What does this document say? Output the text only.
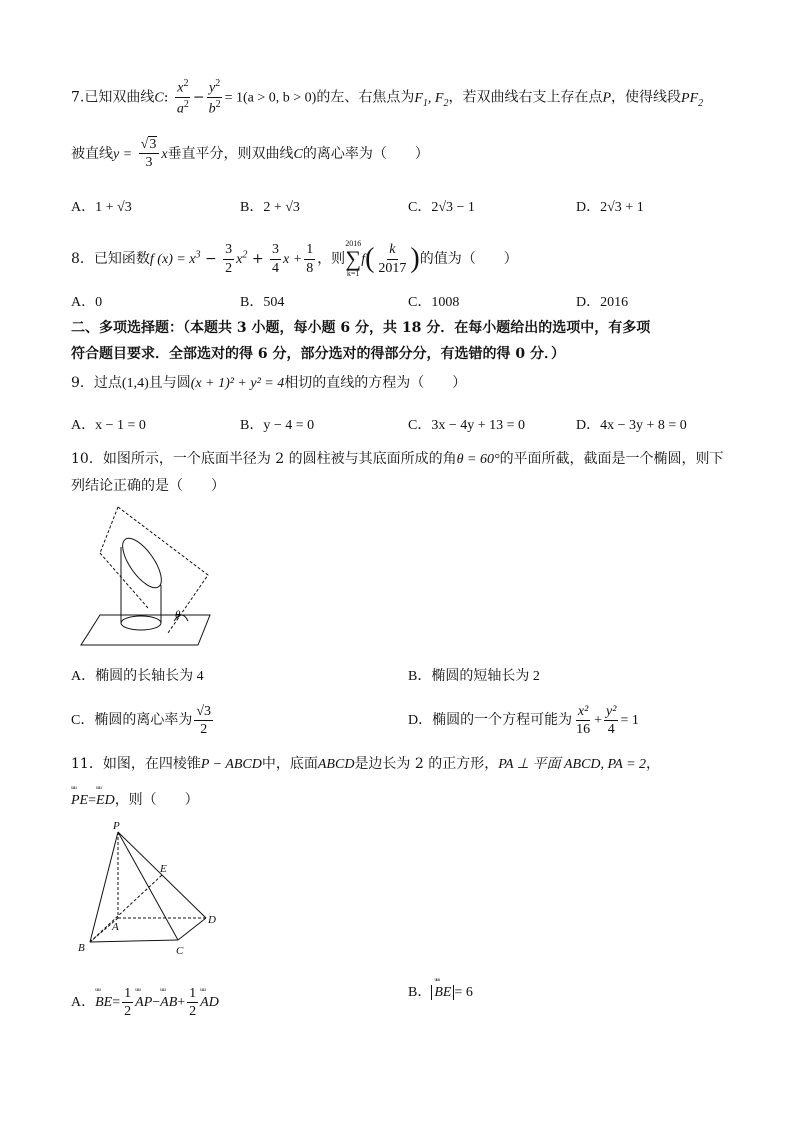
7.已知双曲线C: $\frac{x^2}{a^2} - \frac{y^2}{b^2} = 1(a > 0$, b > 0)的左、右焦点为$F_1$, $F_2$，若双曲线右支上存在点P，使得线段$PF_2$
被直线$y = \frac{√3}{3}$ x垂直平分，则双曲线C的离心率为（　　）
A．1 + √3	B．2 + √3	C．2√3 − 1	D．2√3 + 1
8．已知函数f $(x) = x^3 - \frac{3}{2} x^2 + \frac{3}{4}$ $x + \frac{1}{8}$ ，则
2016
∑
k=1
$f( \frac{k}{2017}$ )的值为（　　）
A．0	B．504	C．1008	D．2016
二、多项选择题：（本题共 3 小题，每小题 6 分，共 18 分．在每小题给出的选项中，有多项
符合题目要求．全部选对的得 6 分，部分选对的得部分分，有选错的得 0 分．）
9．过点(1,4)且与圆(x + 1)² + y² = 4相切的直线的方程为（　　）
A．x − 1 = 0	B．y − 4 = 0	C．3x − 4y + 13 = 0	D．4x − 3y + 8 = 0
10．如图所示，一个底面半径为 2 的圆柱被与其底面所成的角θ = 60°的平面所截，截面是一个椭圆，则下
列结论正确的是（　　）
θ
A．椭圆的长轴长为 4	B．椭圆的短轴长为 2
C．椭圆的离心率为 $\frac{√3}{2}$	D．椭圆的一个方程可能为 $\frac{\text{x²}}{16} + \frac{\text{y²}}{4} = 1$
11．如图，在四棱锥P − ABCD中，底面ABCD是边长为 2 的正方形，PA ⊥ 平面 ABCD, PA = 2，
ᵘᵘᵘ
PE=
ᵘᵘᵘ
ED，则（　　）
P
E
A
B	C
D
A．
ᵘᵘᵘ
$BE= \frac{1}{2}$ ᵘᵘᵘ
AP−
ᵘᵘᵘ
$AB+ \frac{1}{2}$ ᵘᵘᵘ
AD
B．
ᵘᵘᵘ
BE = 6
